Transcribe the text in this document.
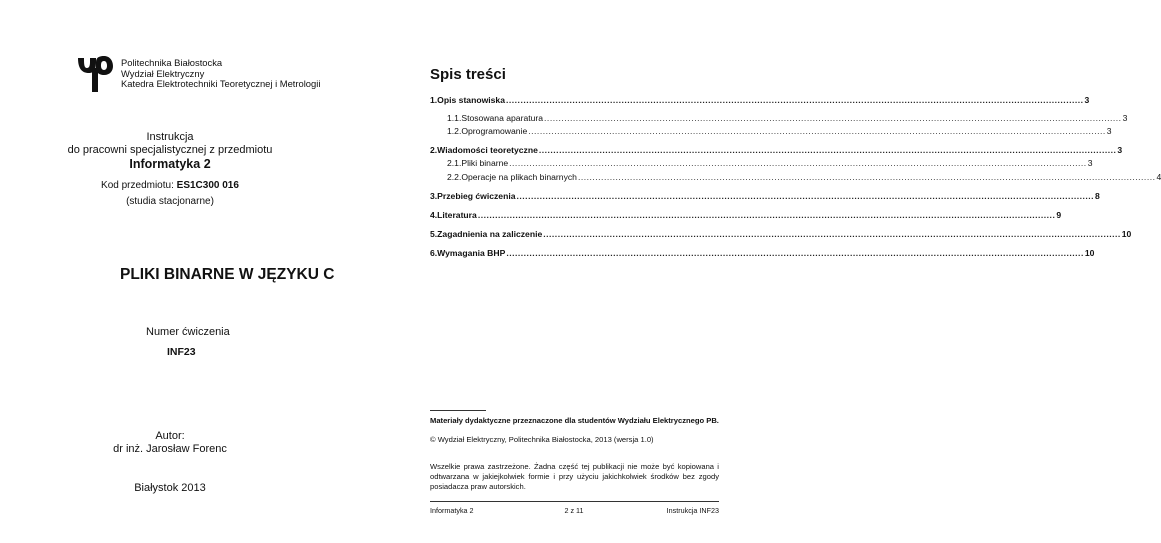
Politechnika Białostocka
Wydział Elektryczny
Katedra Elektrotechniki Teoretycznej i Metrologii
Instrukcja
do pracowni specjalistycznej z przedmiotu
Informatyka 2
Kod przedmiotu: ES1C300 016
(studia stacjonarne)
PLIKI BINARNE W JĘZYKU C
Numer ćwiczenia
INF23
Autor:
dr inż. Jarosław Forenc
Białystok 2013
Spis treści
1. Opis stanowiska ........................................................................................................................................................................................................ 3
1.1. Stosowana aparatura ........................................................................................................................................................................................................ 3
1.2. Oprogramowanie ........................................................................................................................................................................................................ 3
2. Wiadomości teoretyczne ........................................................................................................................................................................................................ 3
2.1. Pliki binarne ........................................................................................................................................................................................................ 3
2.2. Operacje na plikach binarnych ........................................................................................................................................................................................................ 4
3. Przebieg ćwiczenia ........................................................................................................................................................................................................ 8
4. Literatura ........................................................................................................................................................................................................ 9
5. Zagadnienia na zaliczenie ........................................................................................................................................................................................................ 10
6. Wymagania BHP ........................................................................................................................................................................................................ 10
Materiały dydaktyczne przeznaczone dla studentów Wydziału Elektrycznego PB.
© Wydział Elektryczny, Politechnika Białostocka, 2013 (wersja 1.0)
Wszelkie prawa zastrzeżone. Żadna część tej publikacji nie może być kopiowana i odtwarzana w jakiejkolwiek formie i przy użyciu jakichkolwiek środków bez zgody posiadacza praw autorskich.
Informatyka 2	2 z 11	Instrukcja INF23
